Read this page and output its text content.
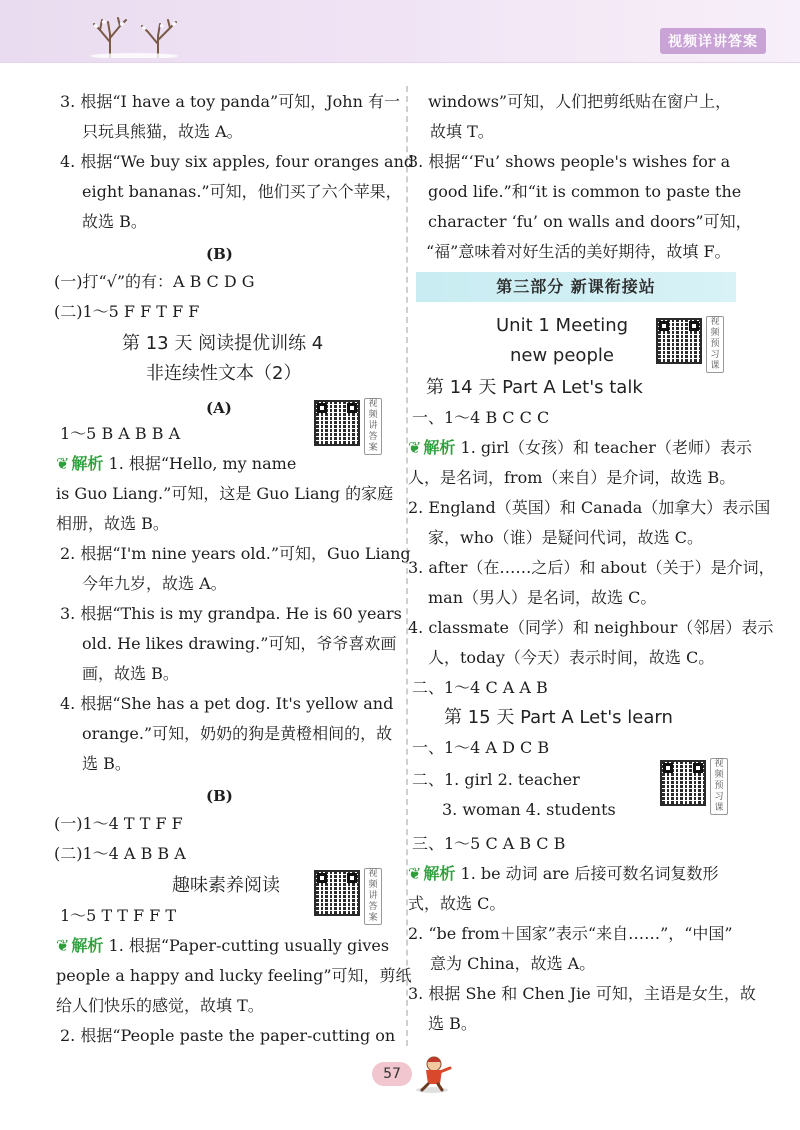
视频详讲答案
3. 根据“I have a toy panda”可知，John 有一
只玩具熊猫，故选 A。
4. 根据“We buy six apples, four oranges and
eight bananas.”可知，他们买了六个苹果，
故选 B。
(B)
(一)打“√”的有：A B C D G
(二)1～5 F F T F F
第 13 天 阅读提优训练 4
非连续性文本（2）
(A)
1～5 B A B B A
❦ 解析 1. 根据“Hello, my name
is Guo Liang.”可知，这是 Guo Liang 的家庭
相册，故选 B。
2. 根据“I'm nine years old.”可知，Guo Liang
今年九岁，故选 A。
3. 根据“This is my grandpa. He is 60 years
old. He likes drawing.”可知，爷爷喜欢画
画，故选 B。
4. 根据“She has a pet dog. It's yellow and
orange.”可知，奶奶的狗是黄橙相间的，故
选 B。
(B)
(一)1～4 T T F F
(二)1～4 A B B A
趣味素养阅读
1～5 T T F F T
❦ 解析 1. 根据“Paper-cutting usually gives
people a happy and lucky feeling”可知，剪纸
给人们快乐的感觉，故填 T。
2. 根据“People paste the paper-cutting on
视频讲答案
视频讲答案
windows”可知，人们把剪纸贴在窗户上，
故填 T。
3. 根据“‘Fu’ shows people's wishes for a
good life.”和“it is common to paste the
character ‘fu’ on walls and doors”可知，
“福”意味着对好生活的美好期待，故填 F。
Unit 1 Meeting
new people
第 14 天 Part A Let's talk
一、1～4 B C C C
❦ 解析 1. girl（女孩）和 teacher（老师）表示
人，是名词，from（来自）是介词，故选 B。
2. England（英国）和 Canada（加拿大）表示国
家，who（谁）是疑问代词，故选 C。
3. after（在……之后）和 about（关于）是介词，
man（男人）是名词，故选 C。
4. classmate（同学）和 neighbour（邻居）表示
人，today（今天）表示时间，故选 C。
二、1～4 C A A B
第 15 天 Part A Let's learn
一、1～4 A D C B
二、1. girl 2. teacher
3. woman 4. students
三、1～5 C A B C B
❦ 解析 1. be 动词 are 后接可数名词复数形
式，故选 C。
2. “be from＋国家”表示“来自……”，“中国”
意为 China，故选 A。
3. 根据 She 和 Chen Jie 可知，主语是女生，故
选 B。
第三部分 新课衔接站
视频预习课
视频预习课
57
